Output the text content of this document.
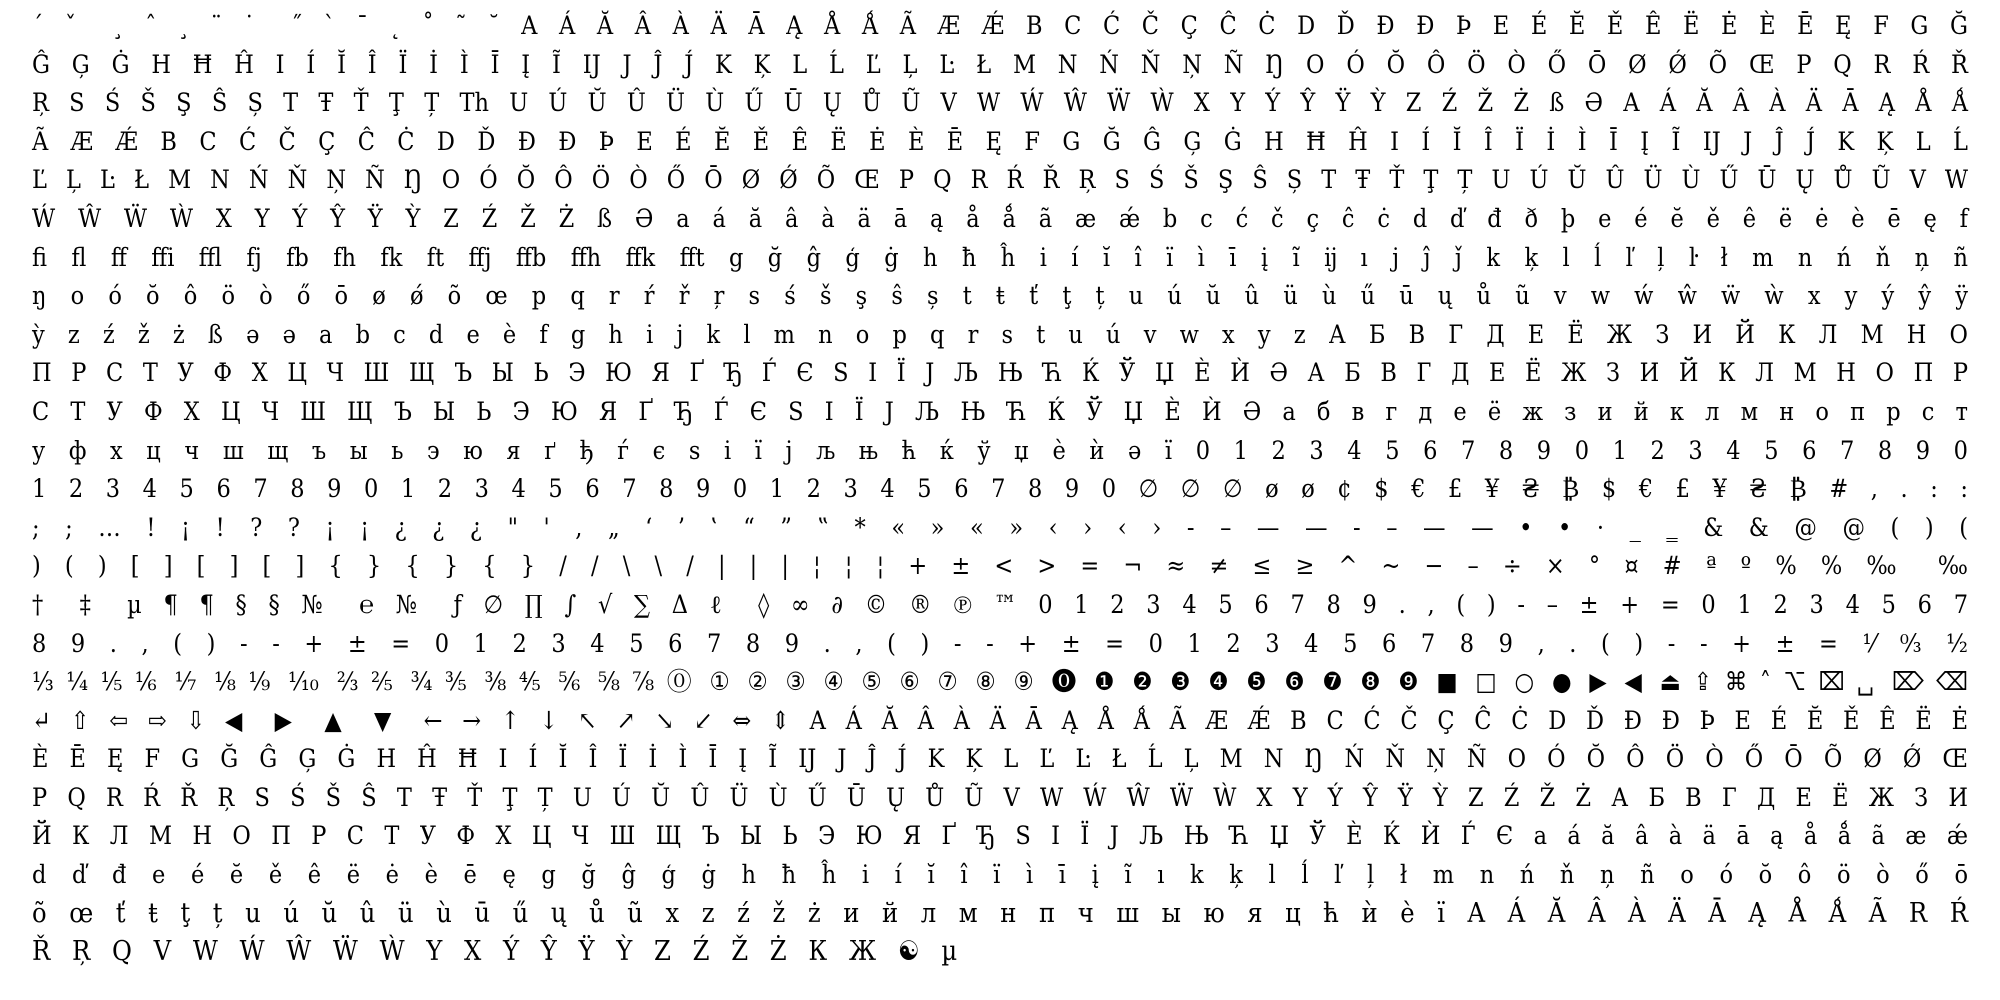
´ ˇ ¸ ˆ ¸ ¨ ˙ ˝ ` ¯ ˛ ˚ ˜ ˘ A Á Ă Â À Ä Ā Ą Å Ǻ Ã Æ Ǽ B C Ć Č Ç Ĉ Ċ D Ď Đ Ð Þ E É Ĕ Ě Ê Ë Ė È Ē Ę F G Ğ
Ĝ Ģ Ġ H Ħ Ĥ I Í Ĭ Î Ï İ Ì Ī Į Ĩ Ĳ J Ĵ J́ K Ķ L Ĺ Ľ Ļ Ŀ Ł M N Ń Ň Ņ Ñ Ŋ O Ó Ŏ Ô Ö Ò Ő Ō Ø Ǿ Õ Œ P Q R Ŕ Ř
Ŗ S Ś Š Ş Ŝ Ș T Ŧ Ť Ţ Ț Th U Ú Ŭ Û Ü Ù Ű Ū Ų Ů Ũ V W Ẃ Ŵ Ẅ Ẁ X Y Ý Ŷ Ÿ Ỳ Z Ź Ž Ż ß Ə A Á Ă Â À Ä Ā Ą Å Ǻ
Ã Æ Ǽ B C Ć Č Ç Ĉ Ċ D Ď Đ Ð Þ E É Ĕ Ě Ê Ë Ė È Ē Ę F G Ğ Ĝ Ģ Ġ H Ħ Ĥ I Í Ĭ Î Ï İ Ì Ī Į Ĩ Ĳ J Ĵ J́ K Ķ L Ĺ
Ľ Ļ Ŀ Ł M N Ń Ň Ņ Ñ Ŋ O Ó Ŏ Ô Ö Ò Ő Ō Ø Ǿ Õ Œ P Q R Ŕ Ř Ŗ S Ś Š Ş Ŝ Ș T Ŧ Ť Ţ Ț U Ú Ŭ Û Ü Ù Ű Ū Ų Ů Ũ V W
Ẃ Ŵ Ẅ Ẁ X Y Ý Ŷ Ÿ Ỳ Z Ź Ž Ż ß Ə a á ă â à ä ā ą å ǻ ã æ ǽ b c ć č ç ĉ ċ d ď đ ð þ e é ĕ ě ê ë ė è ē ę f
fi fl ff ffi ffl fj fb fh fk ft ffj ffb ffh ffk fft g ğ ĝ ģ ġ h ħ ĥ i í ĭ î ï ì ī į ĩ ĳ ı j ĵ ǰ k ķ l ĺ ľ ļ ŀ ł m n ń ň ņ ñ
ŋ o ó ŏ ô ö ò ő ō ø ǿ õ œ p q r ŕ ř ŗ s ś š ş ŝ ș t ŧ ť ţ ț u ú ŭ û ü ù ű ū ų ů ũ v w ẃ ŵ ẅ ẁ x y ý ŷ ÿ
ỳ z ź ž ż ß ə ə a b c d e è f g h i j k l m n o p q r s t u ú v w x y z А Б В Г Д Е Ё Ж З И Й К Л М Н О
П Р С Т У Ф Х Ц Ч Ш Щ Ъ Ы Ь Э Ю Я Ґ Ђ Ѓ Є Ѕ І Ї Ј Љ Њ Ћ Ќ Ў Џ Ѐ Ѝ Ә А Б В Г Д Е Ё Ж З И Й К Л М Н О П Р
С Т У Ф Х Ц Ч Ш Щ Ъ Ы Ь Э Ю Я Ґ Ђ Ѓ Є Ѕ І Ї Ј Љ Њ Ћ Ќ Ў Џ Ѐ Ѝ Ә а б в г д е ё ж з и й к л м н о п р с т
у ф х ц ч ш щ ъ ы ь э ю я ґ ђ ѓ є ѕ і ї ј љ њ ћ ќ ў џ ѐ ѝ ә ї 0 1 2 3 4 5 6 7 8 9 0 1 2 3 4 5 6 7 8 9 0
1 2 3 4 5 6 7 8 9 0 1 2 3 4 5 6 7 8 9 0 1 2 3 4 5 6 7 8 9 0 ∅ ∅ ∅ ø ø ¢ $ € £ ¥ ₴ ₿ $ € £ ¥ ₴ ₿ # , . : :
; ; … ! ¡ ! ? ? ¡ ¡ ¿ ¿ ¿ " ' , „ ‘ ’ ‛ “ ” ‟ * « » « » ‹ › ‹ › - – — — - – — — • • · _ ‗ & & @ @ ( ) (
) ( ) [ ] [ ] [ ] { } { } { } / / \ \ / | | | ¦ ¦ ¦ + ± < > = ¬ ≈ ≠ ≤ ≥ ^ ~ − – ÷ × ° ¤ # ª º % % ‰ ‰
† ‡ µ ¶ ¶ § § № ℮ № ƒ ∅ ∏ ∫ √ ∑ Δ ℓ ◊ ∞ ∂ © ® ℗ ™ 0 1 2 3 4 5 6 7 8 9 . , ( ) - – ± + = 0 1 2 3 4 5 6 7
8 9 . , ( ) - - + ± = 0 1 2 3 4 5 6 7 8 9 . , ( ) - - + ± = 0 1 2 3 4 5 6 7 8 9 , . ( ) - - + ± = ⅟ ⁰⁄₃ ½
⅓ ¼ ⅕ ⅙ ⅐ ⅛ ⅑ ⅒ ⅔ ⅖ ¾ ⅗ ⅜ ⅘ ⅚ ⅝ ⅞ ⓪ ① ② ③ ④ ⑤ ⑥ ⑦ ⑧ ⑨ ⓿ ❶ ❷ ❸ ❹ ❺ ❻ ❼ ❽ ❾ ■ □ ○ ● ▶ ◀ ⏏ ⇪ ⌘ ˄ ⌥ ⌧ ␣ ⌦ ⌫
↵ ⇧ ⇦ ⇨ ⇩ ◀ ▶ ▲ ▼ ← → ↑ ↓ ↖ ↗ ↘ ↙ ⇔ ⇕ A Á Ă Â À Ä Ā Ą Å Ǻ Ã Æ Ǽ B C Ć Č Ç Ĉ Ċ D Ď Đ Ð Þ E É Ĕ Ě Ê Ë Ė
È Ē Ę F G Ğ Ĝ Ģ Ġ H Ĥ Ħ I Í Ĭ Î Ï İ Ì Ī Į Ĩ Ĳ J Ĵ J́ K Ķ L Ľ Ŀ Ł Ĺ Ļ M N Ŋ Ń Ň Ņ Ñ O Ó Ŏ Ô Ö Ò Ő Ō Õ Ø Ǿ Œ
P Q R Ŕ Ř Ŗ S Ś Š Ŝ T Ŧ Ť Ţ Ț U Ú Ŭ Û Ü Ù Ű Ū Ų Ů Ũ V W Ẃ Ŵ Ẅ Ẁ X Y Ý Ŷ Ÿ Ỳ Z Ź Ž Ż А Б В Г Д Е Ё Ж З И
Й К Л М Н О П Р С Т У Ф Х Ц Ч Ш Щ Ъ Ы Ь Э Ю Я Ґ Ђ Ѕ І Ї Ј Љ Њ Ћ Џ Ў Ѐ Ќ Ѝ Ѓ Є a á ă â à ä ā ą å ǻ ã æ ǽ
d ď đ e é ĕ ě ê ë ė è ē ę g ğ ĝ ģ ġ h ħ ĥ i í ĭ î ï ì ī į ĩ ı k ķ l ĺ ľ ļ ł m n ń ň ņ ñ o ó ŏ ô ö ò ő ō
õ œ ť ŧ ţ ț u ú ŭ û ü ù ū ű ų ů ũ x z ź ž ż и й л м н п ч ш ы ю я ц ћ ѝ ѐ ї A Á Ă Â À Ä Ā Ą Å Ǻ Ã R Ŕ
Ř Ŗ Q V W Ẃ Ŵ Ẅ Ẁ Y X Ý Ŷ Ÿ Ỳ Z Ź Ž Ż К Ж ☯ µ
